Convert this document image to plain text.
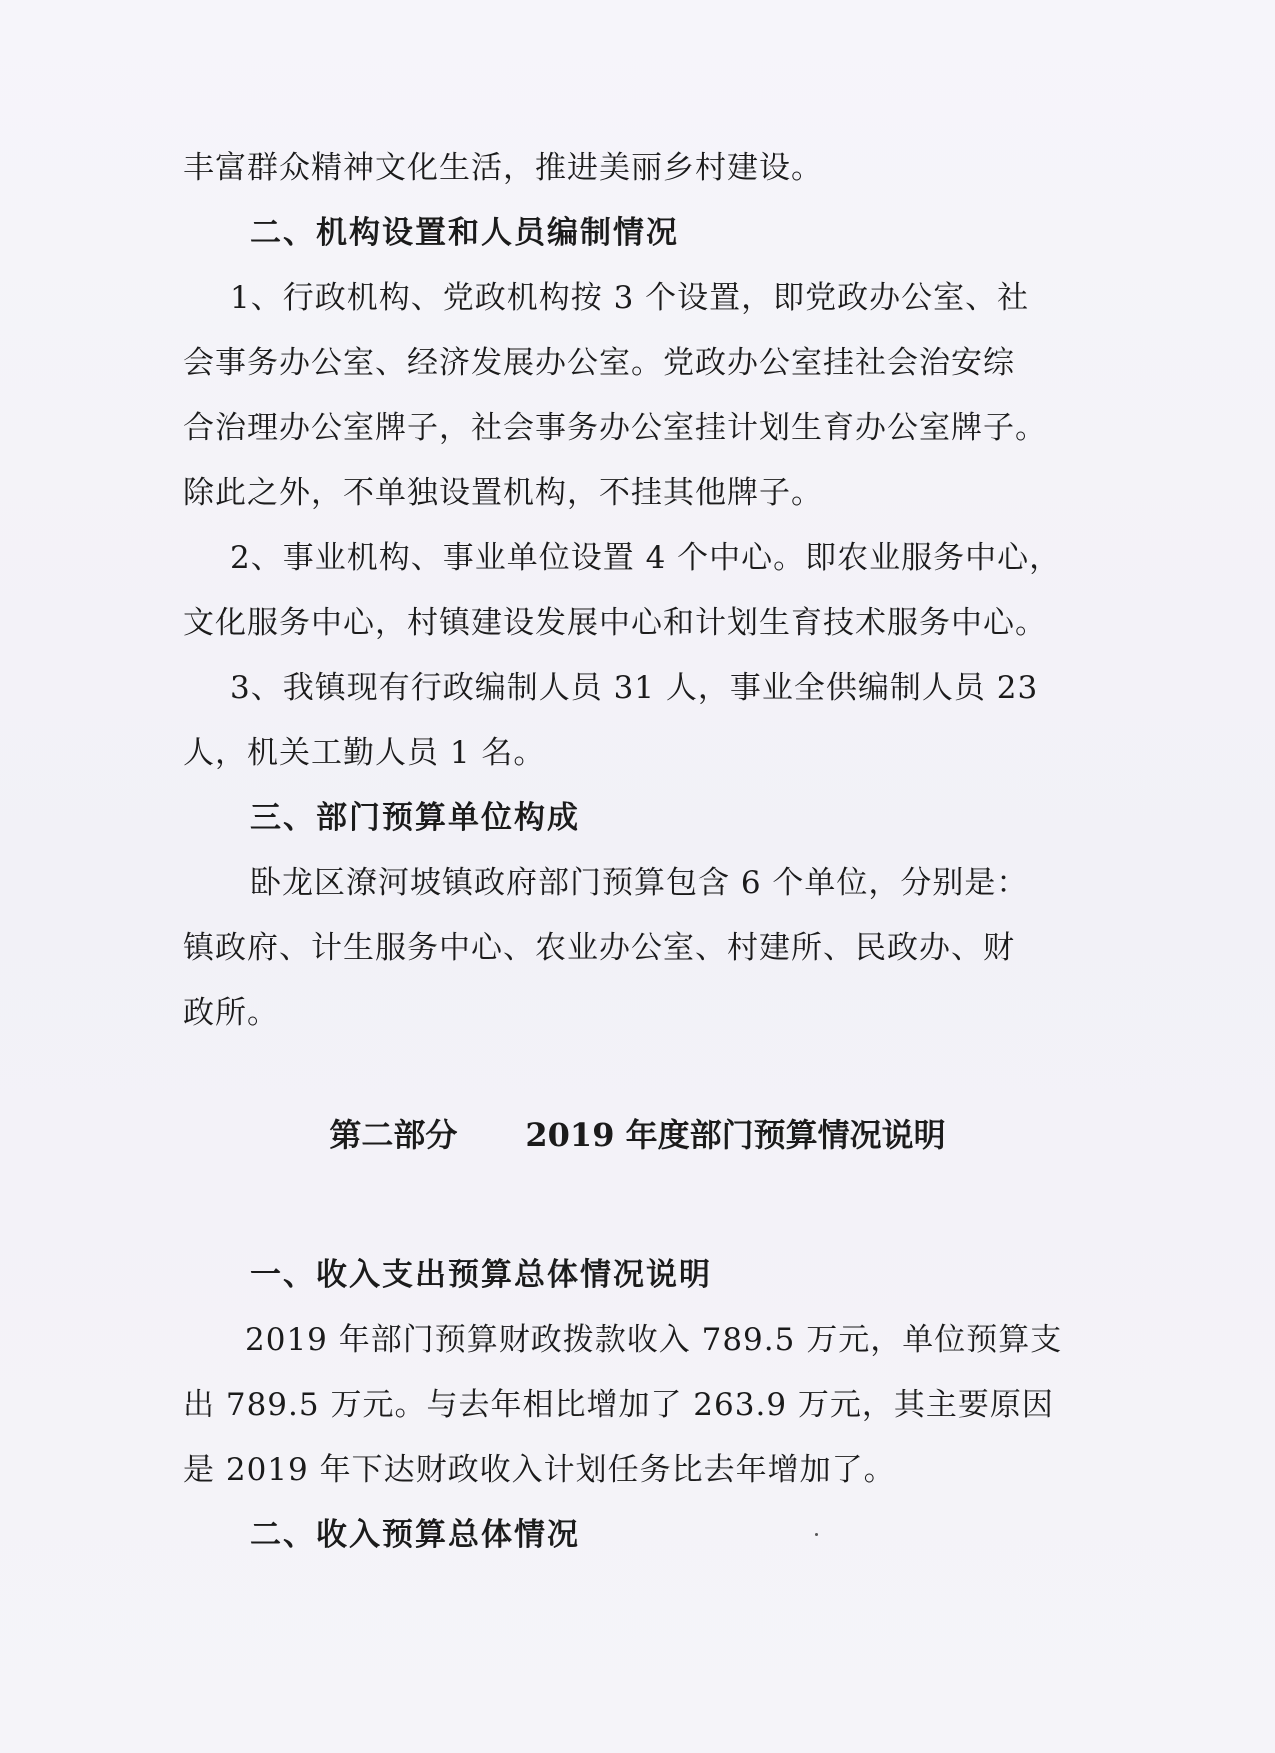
丰富群众精神文化生活，推进美丽乡村建设。
二、机构设置和人员编制情况
1、行政机构、党政机构按 3 个设置，即党政办公室、社
会事务办公室、经济发展办公室。党政办公室挂社会治安综
合治理办公室牌子，社会事务办公室挂计划生育办公室牌子。
除此之外，不单独设置机构，不挂其他牌子。
2、事业机构、事业单位设置 4 个中心。即农业服务中心，
文化服务中心，村镇建设发展中心和计划生育技术服务中心。
3、我镇现有行政编制人员 31 人，事业全供编制人员 23
人，机关工勤人员 1 名。
三、部门预算单位构成
卧龙区潦河坡镇政府部门预算包含 6 个单位，分别是：
镇政府、计生服务中心、农业办公室、村建所、民政办、财
政所。
第二部分 2019 年度部门预算情况说明
一、收入支出预算总体情况说明
2019 年部门预算财政拨款收入 789.5 万元，单位预算支
出 789.5 万元。与去年相比增加了 263.9 万元，其主要原因
是 2019 年下达财政收入计划任务比去年增加了。
二、收入预算总体情况
